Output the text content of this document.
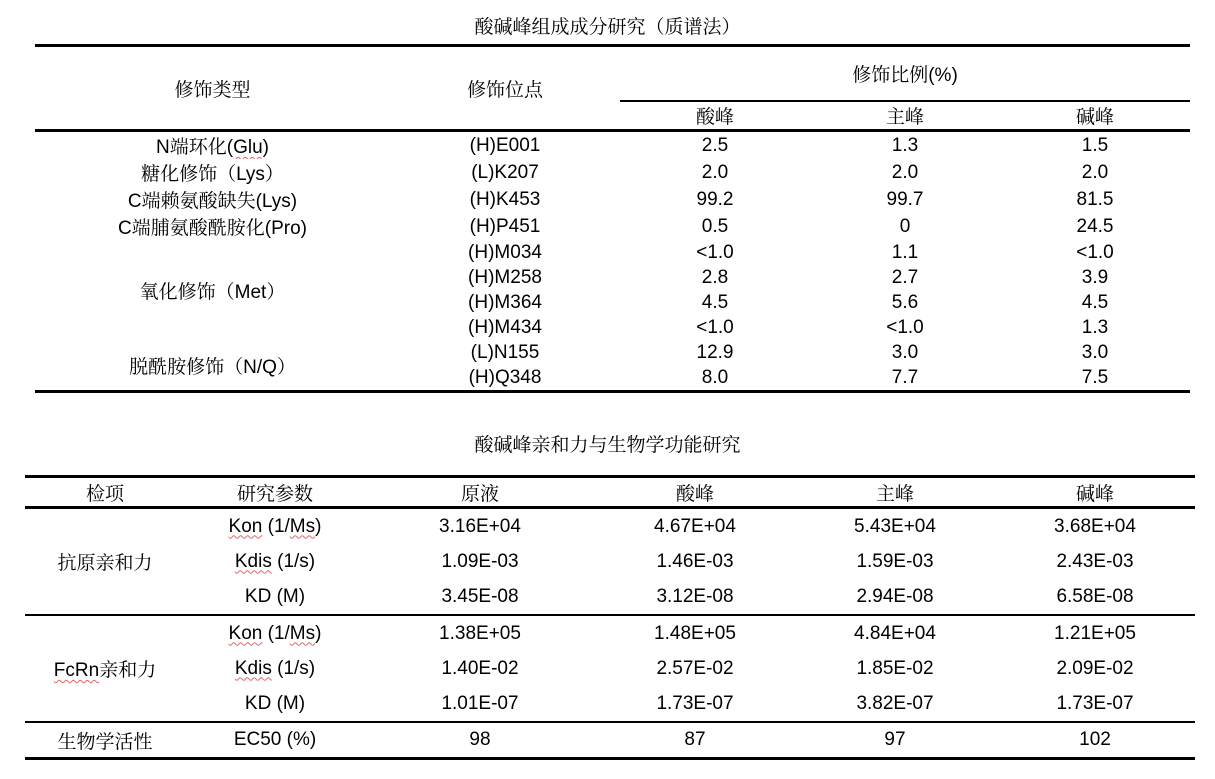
酸碱峰组成成分研究（质谱法）
修饰类型	修饰位点	修饰比例(%)		
		酸峰	主峰	碱峰
N端环化(Glu)	(H)E001	2.5	1.3	1.5
糖化修饰（Lys）	(L)K207	2.0	2.0	2.0
C端赖氨酸缺失(Lys)	(H)K453	99.2	99.7	81.5
C端脯氨酸酰胺化(Pro)	(H)P451	0.5	0	24.5
氧化修饰（Met）	(H)M034	<1.0	1.1	<1.0
	(H)M258	2.8	2.7	3.9
	(H)M364	4.5	5.6	4.5
	(H)M434	<1.0	<1.0	1.3
脱酰胺修饰（N/Q）	(L)N155	12.9	3.0	3.0
	(H)Q348	8.0	7.7	7.5
酸碱峰亲和力与生物学功能研究
检项	研究参数	原液	酸峰	主峰	碱峰
抗原亲和力	Kon (1/Ms)	3.16E+04	4.67E+04	5.43E+04	3.68E+04
	Kdis (1/s)	1.09E-03	1.46E-03	1.59E-03	2.43E-03
	KD (M)	3.45E-08	3.12E-08	2.94E-08	6.58E-08
FcRn亲和力	Kon (1/Ms)	1.38E+05	1.48E+05	4.84E+04	1.21E+05
	Kdis (1/s)	1.40E-02	2.57E-02	1.85E-02	2.09E-02
	KD (M)	1.01E-07	1.73E-07	3.82E-07	1.73E-07
生物学活性	EC50 (%)	98	87	97	102
